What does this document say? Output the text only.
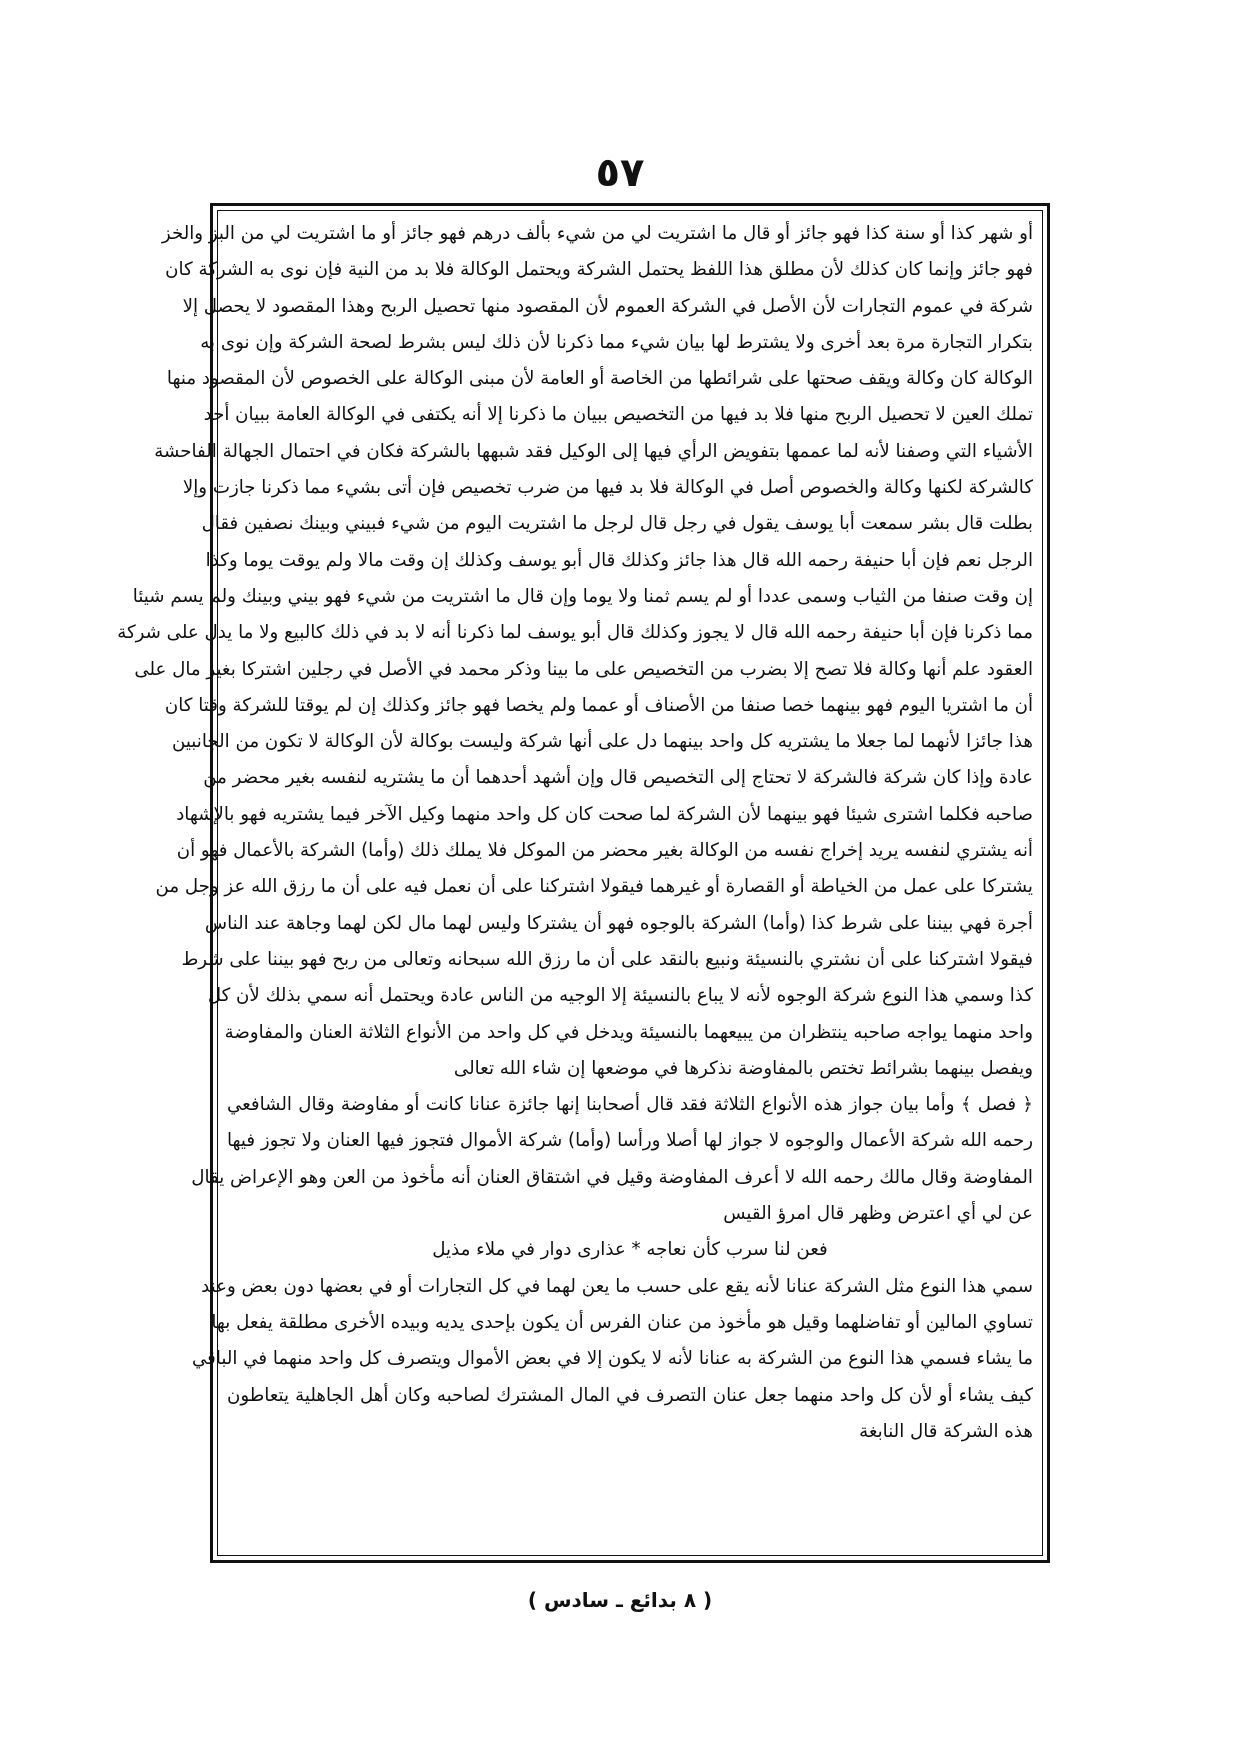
٥٧
أو شهر كذا أو سنة كذا فهو جائز أو قال ما اشتريت لي من شيء بألف درهم فهو جائز أو ما اشتريت لي من البز والخز
فهو جائز وإنما كان كذلك لأن مطلق هذا اللفظ يحتمل الشركة ويحتمل الوكالة فلا بد من النية فإن نوى به الشركة كان
شركة في عموم التجارات لأن الأصل في الشركة العموم لأن المقصود منها تحصيل الربح وهذا المقصود لا يحصل إلا
بتكرار التجارة مرة بعد أخرى ولا يشترط لها بيان شيء مما ذكرنا لأن ذلك ليس بشرط لصحة الشركة وإن نوى به
الوكالة كان وكالة ويقف صحتها على شرائطها من الخاصة أو العامة لأن مبنى الوكالة على الخصوص لأن المقصود منها
تملك العين لا تحصيل الربح منها فلا بد فيها من التخصيص ببيان ما ذكرنا إلا أنه يكتفى في الوكالة العامة ببيان أحد
الأشياء التي وصفنا لأنه لما عممها بتفويض الرأي فيها إلى الوكيل فقد شبهها بالشركة فكان في احتمال الجهالة الفاحشة
كالشركة لكنها وكالة والخصوص أصل في الوكالة فلا بد فيها من ضرب تخصيص فإن أتى بشيء مما ذكرنا جازت وإلا
بطلت قال بشر سمعت أبا يوسف يقول في رجل قال لرجل ما اشتريت اليوم من شيء فبيني وبينك نصفين فقال
الرجل نعم فإن أبا حنيفة رحمه الله قال هذا جائز وكذلك قال أبو يوسف وكذلك إن وقت مالا ولم يوقت يوما وكذا
إن وقت صنفا من الثياب وسمى عددا أو لم يسم ثمنا ولا يوما وإن قال ما اشتريت من شيء فهو بيني وبينك ولم يسم شيئا
مما ذكرنا فإن أبا حنيفة رحمه الله قال لا يجوز وكذلك قال أبو يوسف لما ذكرنا أنه لا بد في ذلك كالبيع ولا ما يدل على شركة
العقود علم أنها وكالة فلا تصح إلا بضرب من التخصيص على ما بينا وذكر محمد في الأصل في رجلين اشتركا بغير مال على
أن ما اشتريا اليوم فهو بينهما خصا صنفا من الأصناف أو عمما ولم يخصا فهو جائز وكذلك إن لم يوقتا للشركة وقتا كان
هذا جائزا لأنهما لما جعلا ما يشتريه كل واحد بينهما دل على أنها شركة وليست بوكالة لأن الوكالة لا تكون من الجانبين
عادة وإذا كان شركة فالشركة لا تحتاج إلى التخصيص قال وإن أشهد أحدهما أن ما يشتريه لنفسه بغير محضر من
صاحبه فكلما اشترى شيئا فهو بينهما لأن الشركة لما صحت كان كل واحد منهما وكيل الآخر فيما يشتريه فهو بالإشهاد
أنه يشتري لنفسه يريد إخراج نفسه من الوكالة بغير محضر من الموكل فلا يملك ذلك (وأما) الشركة بالأعمال فهو أن
يشتركا على عمل من الخياطة أو القصارة أو غيرهما فيقولا اشتركنا على أن نعمل فيه على أن ما رزق الله عز وجل من
أجرة فهي بيننا على شرط كذا (وأما) الشركة بالوجوه فهو أن يشتركا وليس لهما مال لكن لهما وجاهة عند الناس
فيقولا اشتركنا على أن نشتري بالنسيئة ونبيع بالنقد على أن ما رزق الله سبحانه وتعالى من ربح فهو بيننا على شرط
كذا وسمي هذا النوع شركة الوجوه لأنه لا يباع بالنسيئة إلا الوجيه من الناس عادة ويحتمل أنه سمي بذلك لأن كل
واحد منهما يواجه صاحبه ينتظران من يبيعهما بالنسيئة ويدخل في كل واحد من الأنواع الثلاثة العنان والمفاوضة
ويفصل بينهما بشرائط تختص بالمفاوضة نذكرها في موضعها إن شاء الله تعالى
﴿ فصل ﴾ وأما بيان جواز هذه الأنواع الثلاثة فقد قال أصحابنا إنها جائزة عنانا كانت أو مفاوضة وقال الشافعي
رحمه الله شركة الأعمال والوجوه لا جواز لها أصلا ورأسا (وأما) شركة الأموال فتجوز فيها العنان ولا تجوز فيها
المفاوضة وقال مالك رحمه الله لا أعرف المفاوضة وقيل في اشتقاق العنان أنه مأخوذ من العن وهو الإعراض يقال
عن لي أي اعترض وظهر قال امرؤ القيس
فعن لنا سرب كأن نعاجه * عذارى دوار في ملاء مذيل
سمي هذا النوع مثل الشركة عنانا لأنه يقع على حسب ما يعن لهما في كل التجارات أو في بعضها دون بعض وعند
تساوي المالين أو تفاضلهما وقيل هو مأخوذ من عنان الفرس أن يكون بإحدى يديه وبيده الأخرى مطلقة يفعل بها
ما يشاء فسمي هذا النوع من الشركة به عنانا لأنه لا يكون إلا في بعض الأموال ويتصرف كل واحد منهما في الباقي
كيف يشاء أو لأن كل واحد منهما جعل عنان التصرف في المال المشترك لصاحبه وكان أهل الجاهلية يتعاطون
هذه الشركة قال النابغة
( ٨ بدائع ـ سادس )
